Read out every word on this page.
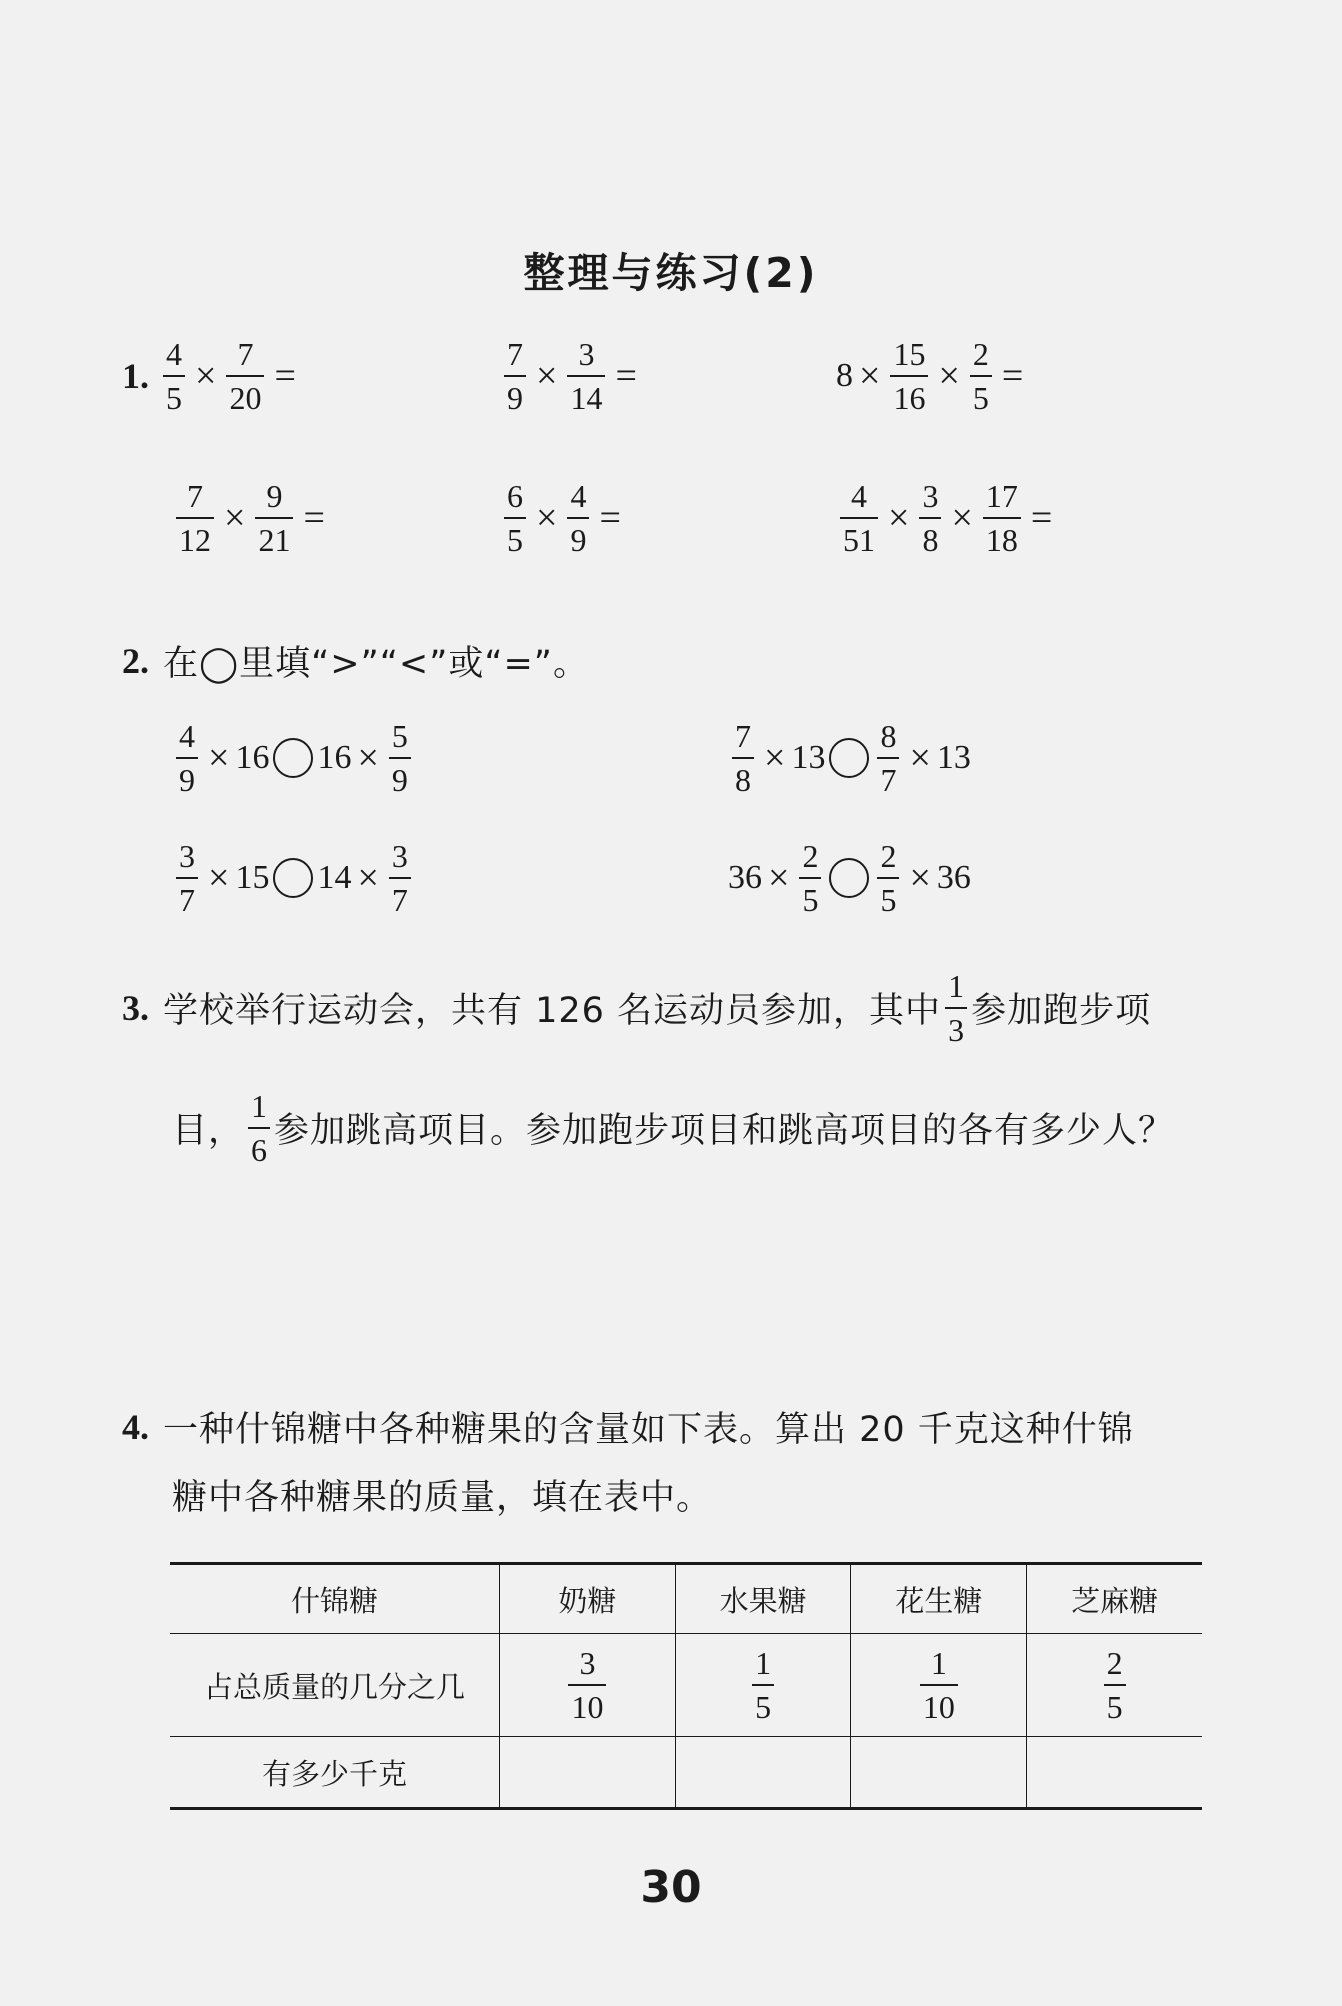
整理与练习(2)
1. $\frac{4}{5} \times \frac{7}{20}$ =	$\frac{7}{9} \times \frac{3}{14}$ =	$8 \times \frac{15}{16} \times \frac{2}{5}$ =
$\frac{7}{12} \times \frac{9}{21}$ =	$\frac{6}{5} \times \frac{4}{9}$ =	$\frac{4}{51} \times \frac{3}{8} \times \frac{17}{18}$ =
2. 在◯里填“>”“<”或“=”。
$\frac{4}{9} \times 16$ $16 \times \frac{5}{9}$	$\frac{7}{8} \times 13 \frac{8}{7} \times 13$
$\frac{3}{7} \times 15$ $14 \times \frac{3}{7}$	$36 \times \frac{2}{5} \frac{2}{5} \times 36$
3. 学校举行运动会，共有 126 名运动员参加，其中 $\frac{1}{3}$ 参加跑步项
目， $\frac{1}{6}$ 参加跳高项目。参加跑步项目和跳高项目的各有多少人？
4. 一种什锦糖中各种糖果的含量如下表。算出 20 千克这种什锦
糖中各种糖果的质量，填在表中。
什锦糖	奶糖	水果糖	花生糖	芝麻糖
占总质量的几分之几	$\frac{3}{10}$	$\frac{1}{5}$	$\frac{1}{10}$	$\frac{2}{5}$

有多少千克				
30
